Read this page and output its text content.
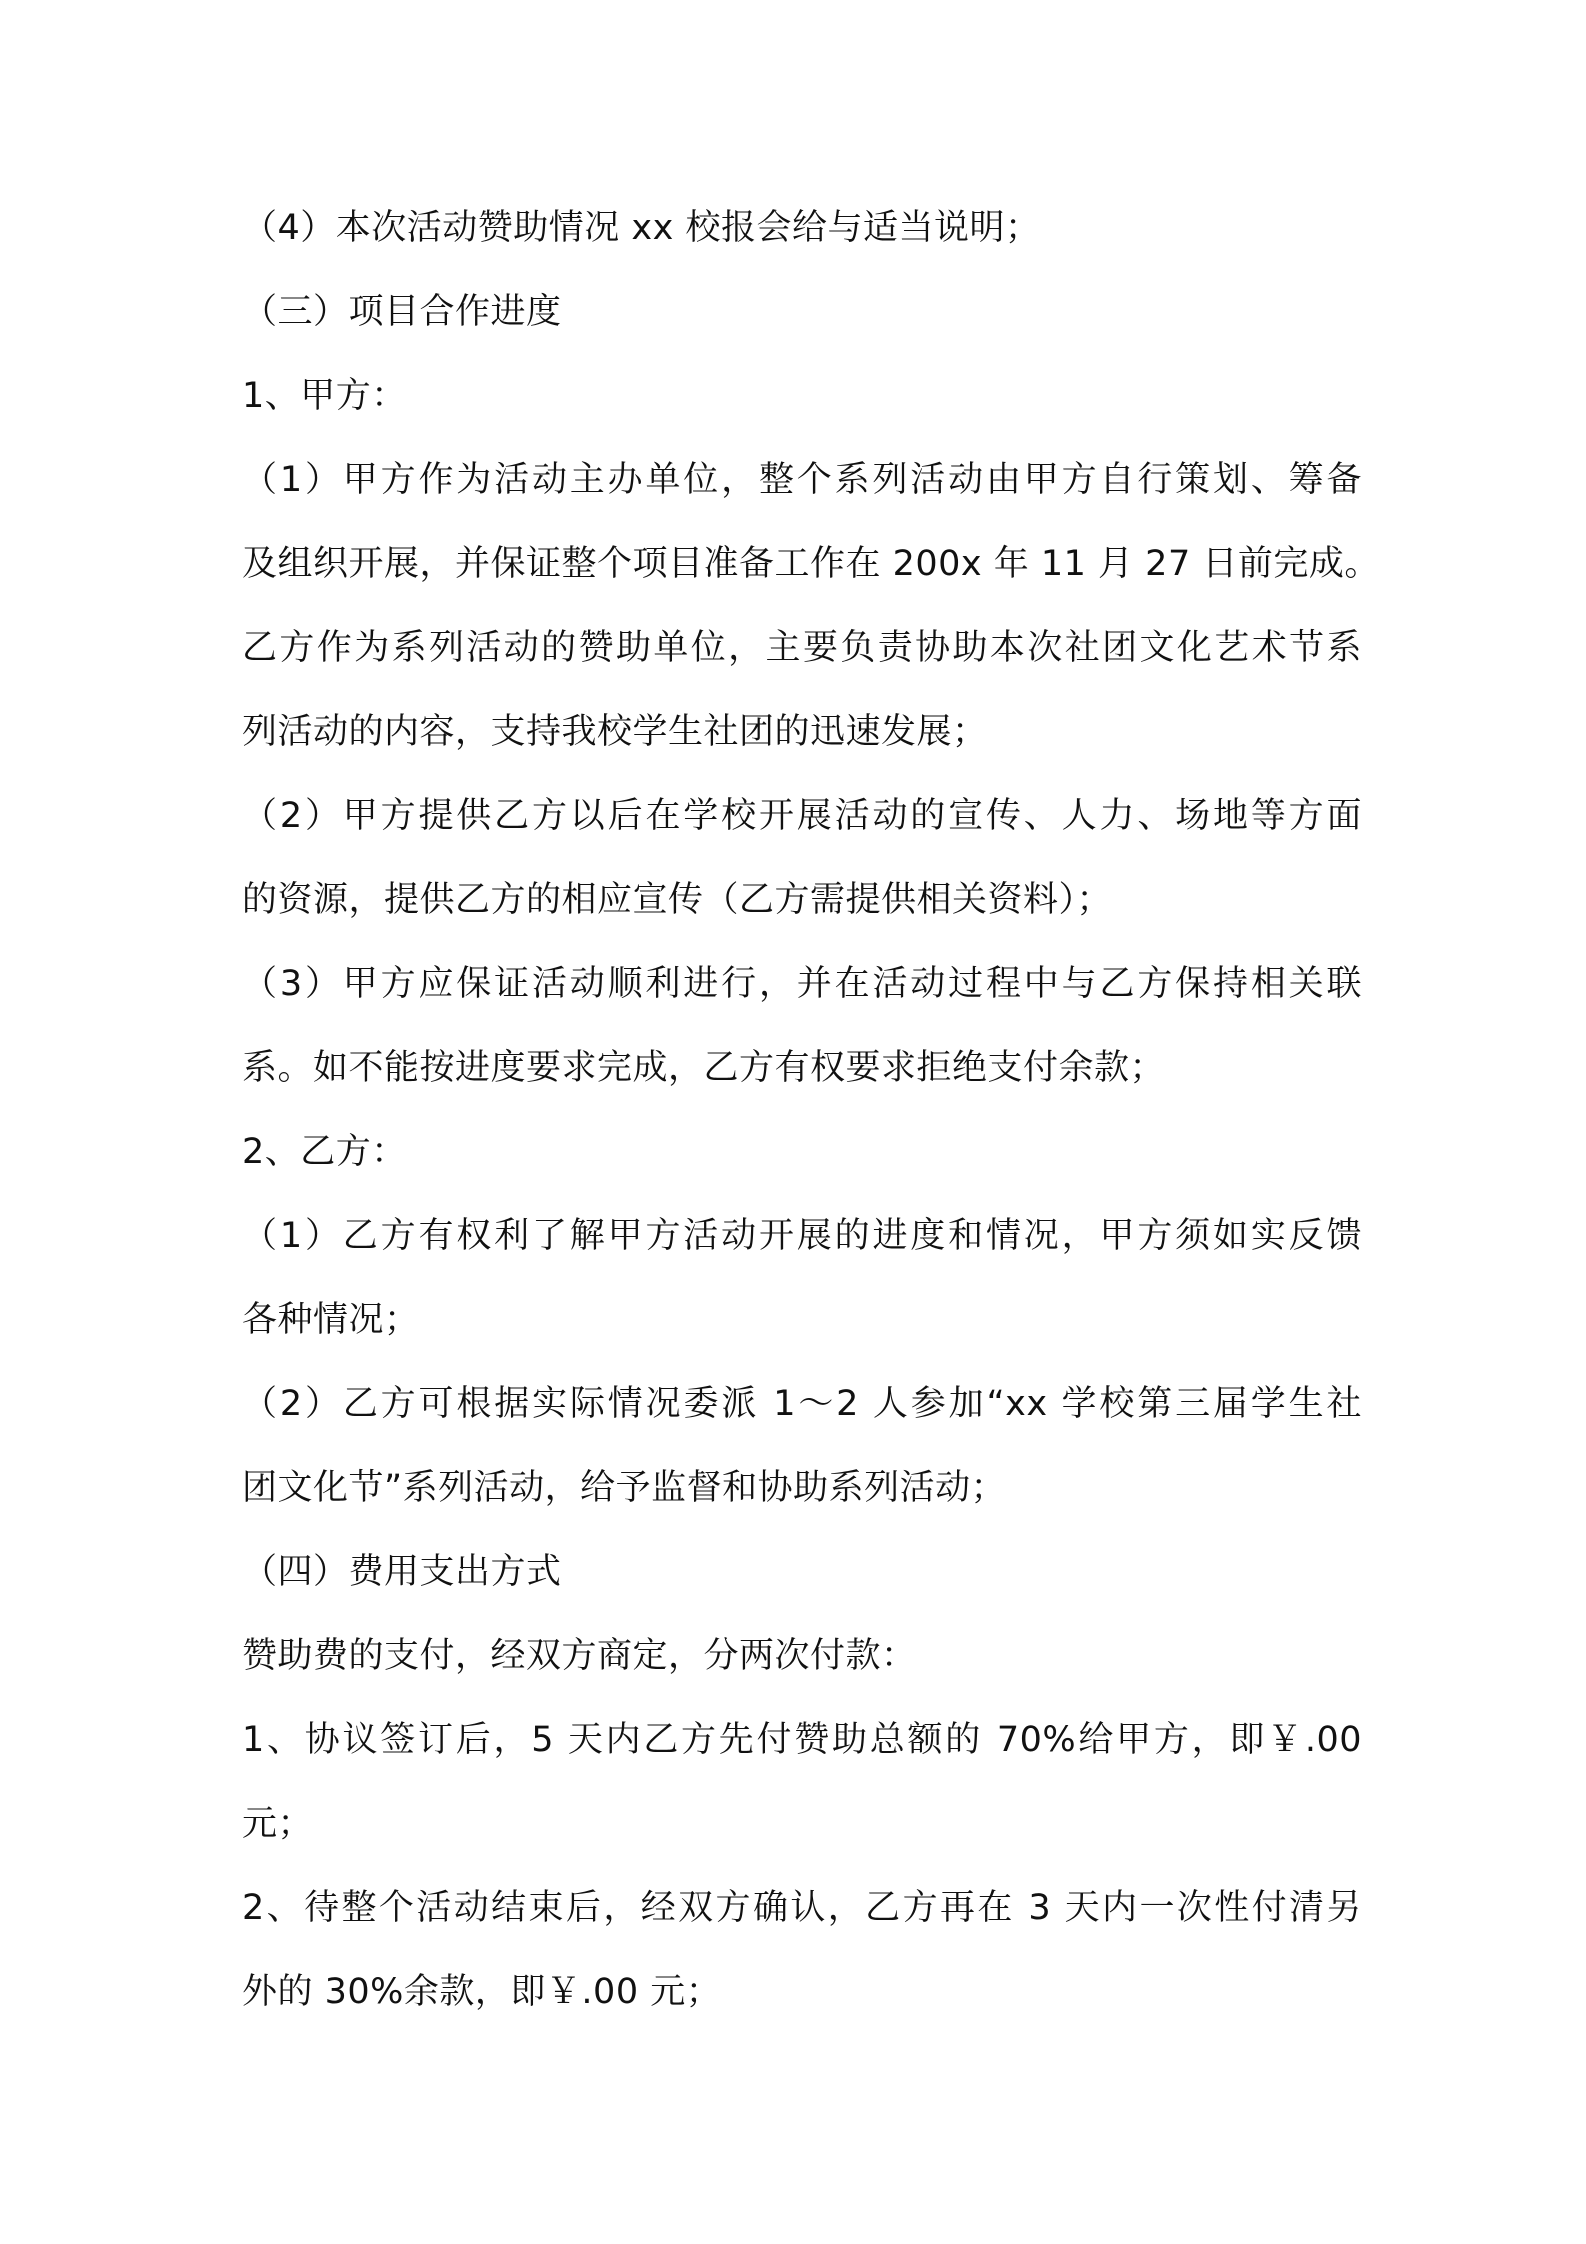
（4）本次活动赞助情况 xx 校报会给与适当说明；
（三）项目合作进度
1、甲方：
（1）甲方作为活动主办单位，整个系列活动由甲方自行策划、筹备
及组织开展，并保证整个项目准备工作在 200x 年 11 月 27 日前完成。
乙方作为系列活动的赞助单位，主要负责协助本次社团文化艺术节系
列活动的内容，支持我校学生社团的迅速发展；
（2）甲方提供乙方以后在学校开展活动的宣传、人力、场地等方面
的资源，提供乙方的相应宣传（乙方需提供相关资料）；
（3）甲方应保证活动顺利进行，并在活动过程中与乙方保持相关联
系。如不能按进度要求完成，乙方有权要求拒绝支付余款；
2、乙方：
（1）乙方有权利了解甲方活动开展的进度和情况，甲方须如实反馈
各种情况；
（2）乙方可根据实际情况委派 1～2 人参加“xx 学校第三届学生社
团文化节”系列活动，给予监督和协助系列活动；
（四）费用支出方式
赞助费的支付，经双方商定，分两次付款：
1、协议签订后，5 天内乙方先付赞助总额的 70%给甲方，即￥.00
元；
2、待整个活动结束后，经双方确认，乙方再在 3 天内一次性付清另
外的 30%余款，即￥.00 元；
